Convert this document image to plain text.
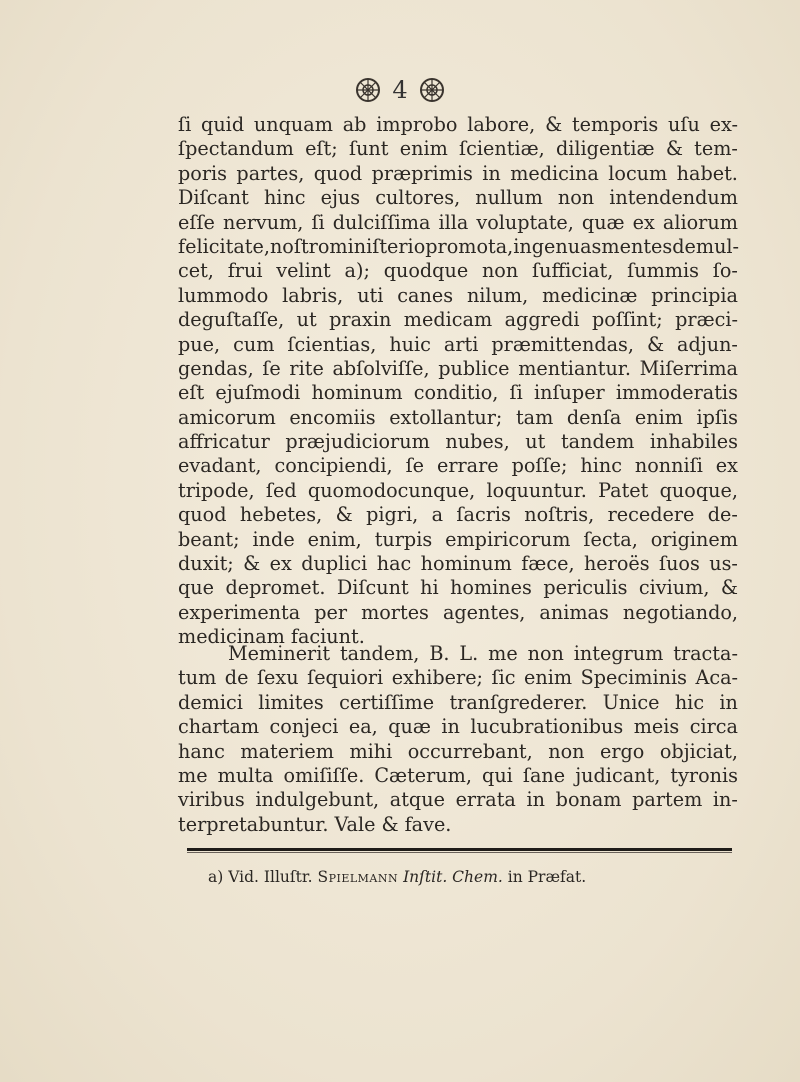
4
ſi quid unquam ab improbo labore, & temporis uſu ex-
ſpectandum eſt; ſunt enim ſcientiæ, diligentiæ & tem-
poris partes, quod præprimis in medicina locum habet.
Diſcant hinc ejus cultores, nullum non intendendum
eſſe nervum, ſi dulciſſima illa voluptate, quæ ex aliorum
felicitate, noſtro miniſterio promota, ingenuas mentes demul-
cet, frui velint a); quodque non ſufficiat, ſummis ſo-
lummodo labris, uti canes nilum, medicinæ principia
deguſtaſſe, ut praxin medicam aggredi poſſint; præci-
pue, cum ſcientias, huic arti præmittendas, & adjun-
gendas, ſe rite abſolviſſe, publice mentiantur. Miſerrima
eſt ejuſmodi hominum conditio, ſi inſuper immoderatis
amicorum encomiis extollantur; tam denſa enim ipſis
affricatur præjudiciorum nubes, ut tandem inhabiles
evadant, concipiendi, ſe errare poſſe; hinc nonniſi ex
tripode, ſed quomodocunque, loquuntur. Patet quoque,
quod hebetes, & pigri, a ſacris noſtris, recedere de-
beant; inde enim, turpis empiricorum ſecta, originem
duxit; & ex duplici hac hominum fæce, heroës ſuos us-
que depromet. Diſcunt hi homines periculis civium, &
experimenta per mortes agentes, animas negotiando,
medicinam faciunt.
Meminerit tandem, B. L. me non integrum tracta-
tum de ſexu ſequiori exhibere; ſic enim Speciminis Aca-
demici limites certiſſime tranſgrederer. Unice hic in
chartam conjeci ea, quæ in lucubrationibus meis circa
hanc materiem mihi occurrebant, non ergo objiciat,
me multa omiſiſſe. Cæterum, qui ſane judicant, tyronis
viribus indulgebunt, atque errata in bonam partem in-
terpretabuntur. Vale & fave.
a) Vid. Illuſtr. Spielmann Inſtit. Chem. in Præfat.
